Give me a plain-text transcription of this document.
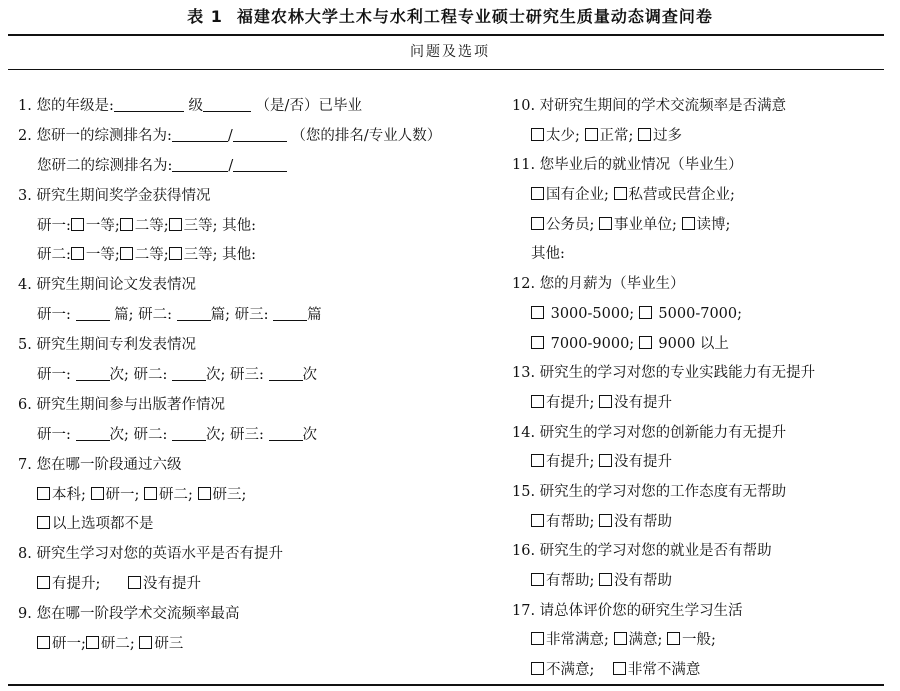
表 1 福建农林大学土木与水利工程专业硕士研究生质量动态调查问卷
问题及选项
1. 您的年级是:	级	（是/否）已毕业
2. 您研一的综测排名为:	/	（您的排名/专业人数）
您研二的综测排名为:	/
3. 研究生期间奖学金获得情况
研一: 一等; 二等; 三等; 其他:
研二: 一等; 二等; 三等; 其他:
4. 研究生期间论文发表情况
研一:  篇; 研二: 篇; 研三: 篇
5. 研究生期间专利发表情况
研一: 次; 研二: 次; 研三: 次
6. 研究生期间参与出版著作情况
研一: 次; 研二: 次; 研三: 次
7. 您在哪一阶段通过六级
本科; 研一; 研二; 研三;
以上选项都不是
8. 研究生学习对您的英语水平是否有提升
有提升;      没有提升
9. 您在哪一阶段学术交流频率最高
研一; 研二; 研三
10. 对研究生期间的学术交流频率是否满意
太少; 正常; 过多
11. 您毕业后的就业情况（毕业生）
国有企业; 私营或民营企业;
公务员; 事业单位; 读博;
其他:
12. 您的月薪为（毕业生）
3000-5000;  5000-7000;
7000-9000;  9000 以上
13. 研究生的学习对您的专业实践能力有无提升
有提升; 没有提升
14. 研究生的学习对您的创新能力有无提升
有提升; 没有提升
15. 研究生的学习对您的工作态度有无帮助
有帮助; 没有帮助
16. 研究生的学习对您的就业是否有帮助
有帮助; 没有帮助
17. 请总体评价您的研究生学习生活
非常满意; 满意; 一般;
不满意;    非常不满意
